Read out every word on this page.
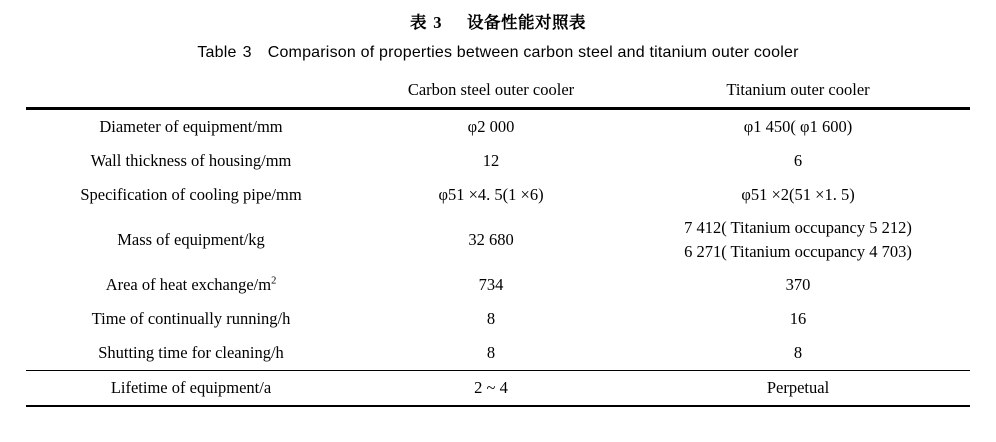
表 3 设备性能对照表
Table 3 Comparison of properties between carbon steel and titanium outer cooler

	Carbon steel outer cooler	Titanium outer cooler

Diameter of equipment/mm	φ2 000	φ1 450( φ1 600)
Wall thickness of housing/mm	12	6
Specification of cooling pipe/mm	φ51 ×4. 5(1 ×6)	φ51 ×2(51 ×1. 5)
Mass of equipment/kg	32 680	7 412( Titanium occupancy 5 212)
6 271( Titanium occupancy 4 703)

Area of heat exchange/$m^2$	734	370
Time of continually running/h	8	16
Shutting time for cleaning/h	8	8

Lifetime of equipment/a	2 ~ 4	Perpetual
